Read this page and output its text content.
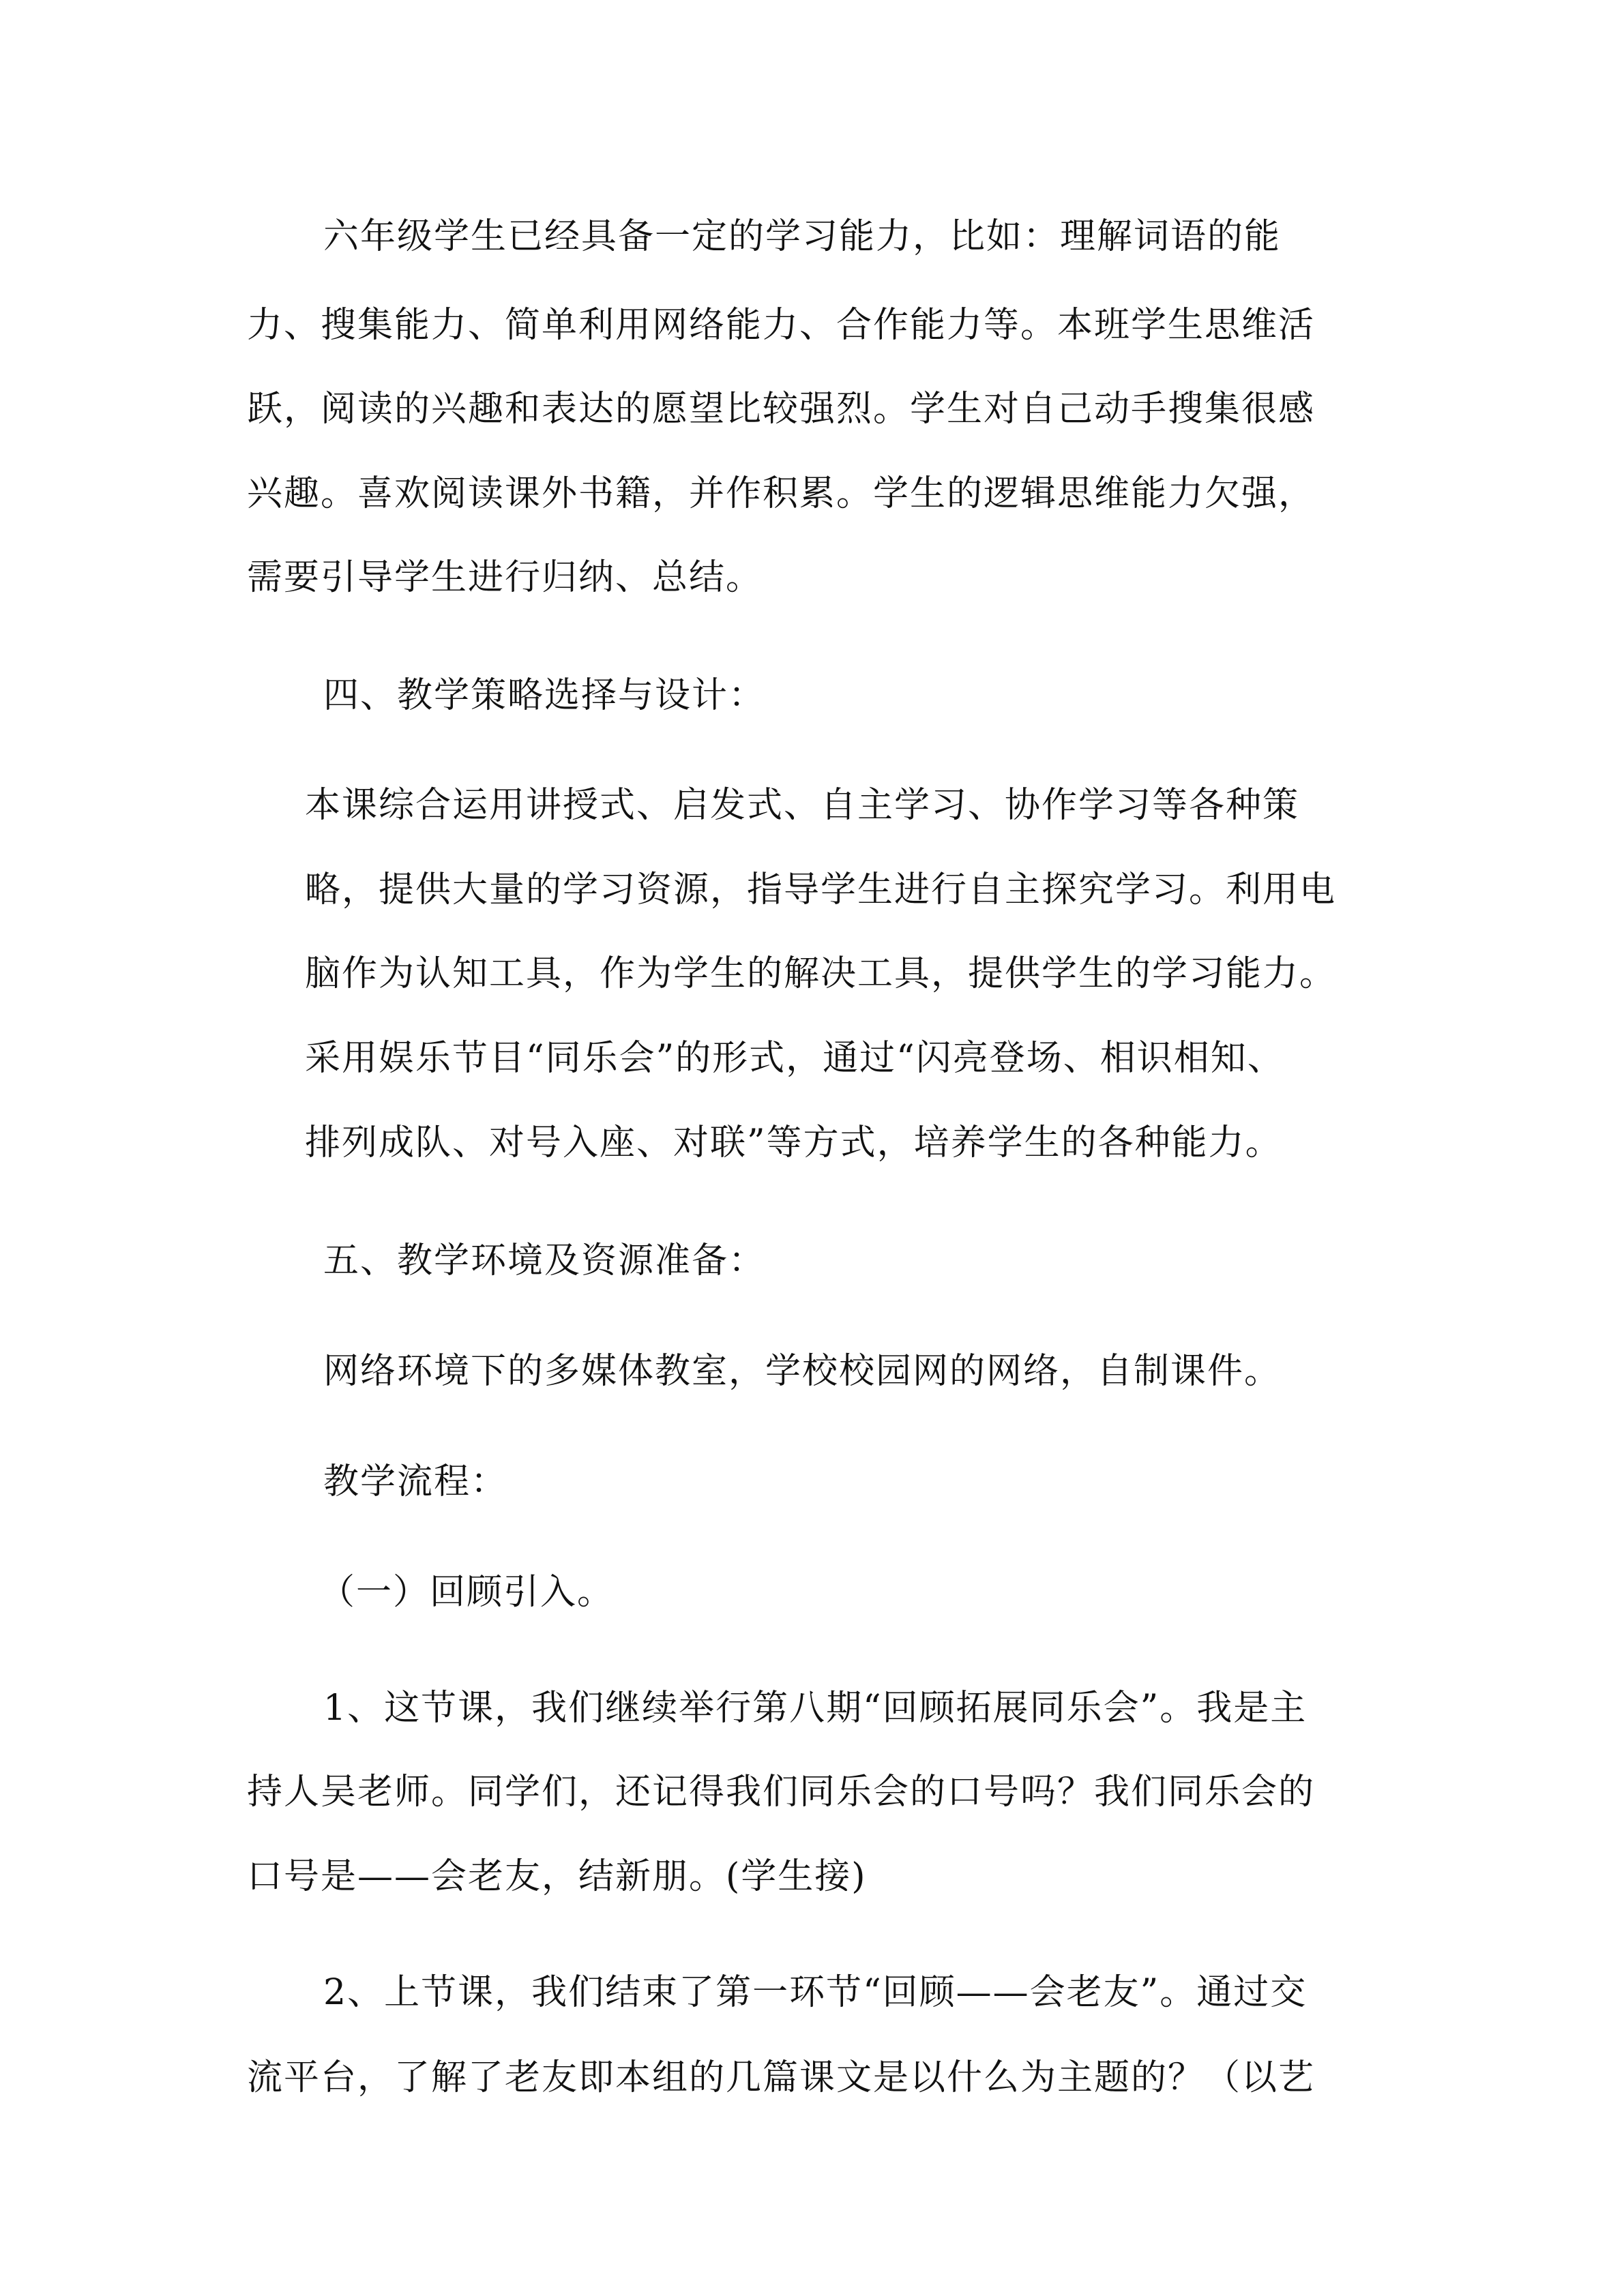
六年级学生已经具备一定的学习能力，比如：理解词语的能
力、搜集能力、简单利用网络能力、合作能力等。本班学生思维活
跃，阅读的兴趣和表达的愿望比较强烈。学生对自己动手搜集很感
兴趣。喜欢阅读课外书籍，并作积累。学生的逻辑思维能力欠强，
需要引导学生进行归纳、总结。
四、教学策略选择与设计：
本课综合运用讲授式、启发式、自主学习、协作学习等各种策
略，提供大量的学习资源，指导学生进行自主探究学习。利用电
脑作为认知工具，作为学生的解决工具，提供学生的学习能力。
采用娱乐节目“同乐会”的形式，通过“闪亮登场、相识相知、
排列成队、对号入座、对联”等方式，培养学生的各种能力。
五、教学环境及资源准备：
网络环境下的多媒体教室，学校校园网的网络，自制课件。
教学流程：
（一）回顾引入。
1、这节课，我们继续举行第八期“回顾拓展同乐会”。我是主
持人吴老师。同学们，还记得我们同乐会的口号吗？我们同乐会的
口号是——会老友，结新朋。(学生接)
2、上节课，我们结束了第一环节“回顾——会老友”。通过交
流平台，了解了老友即本组的几篇课文是以什么为主题的？（以艺
